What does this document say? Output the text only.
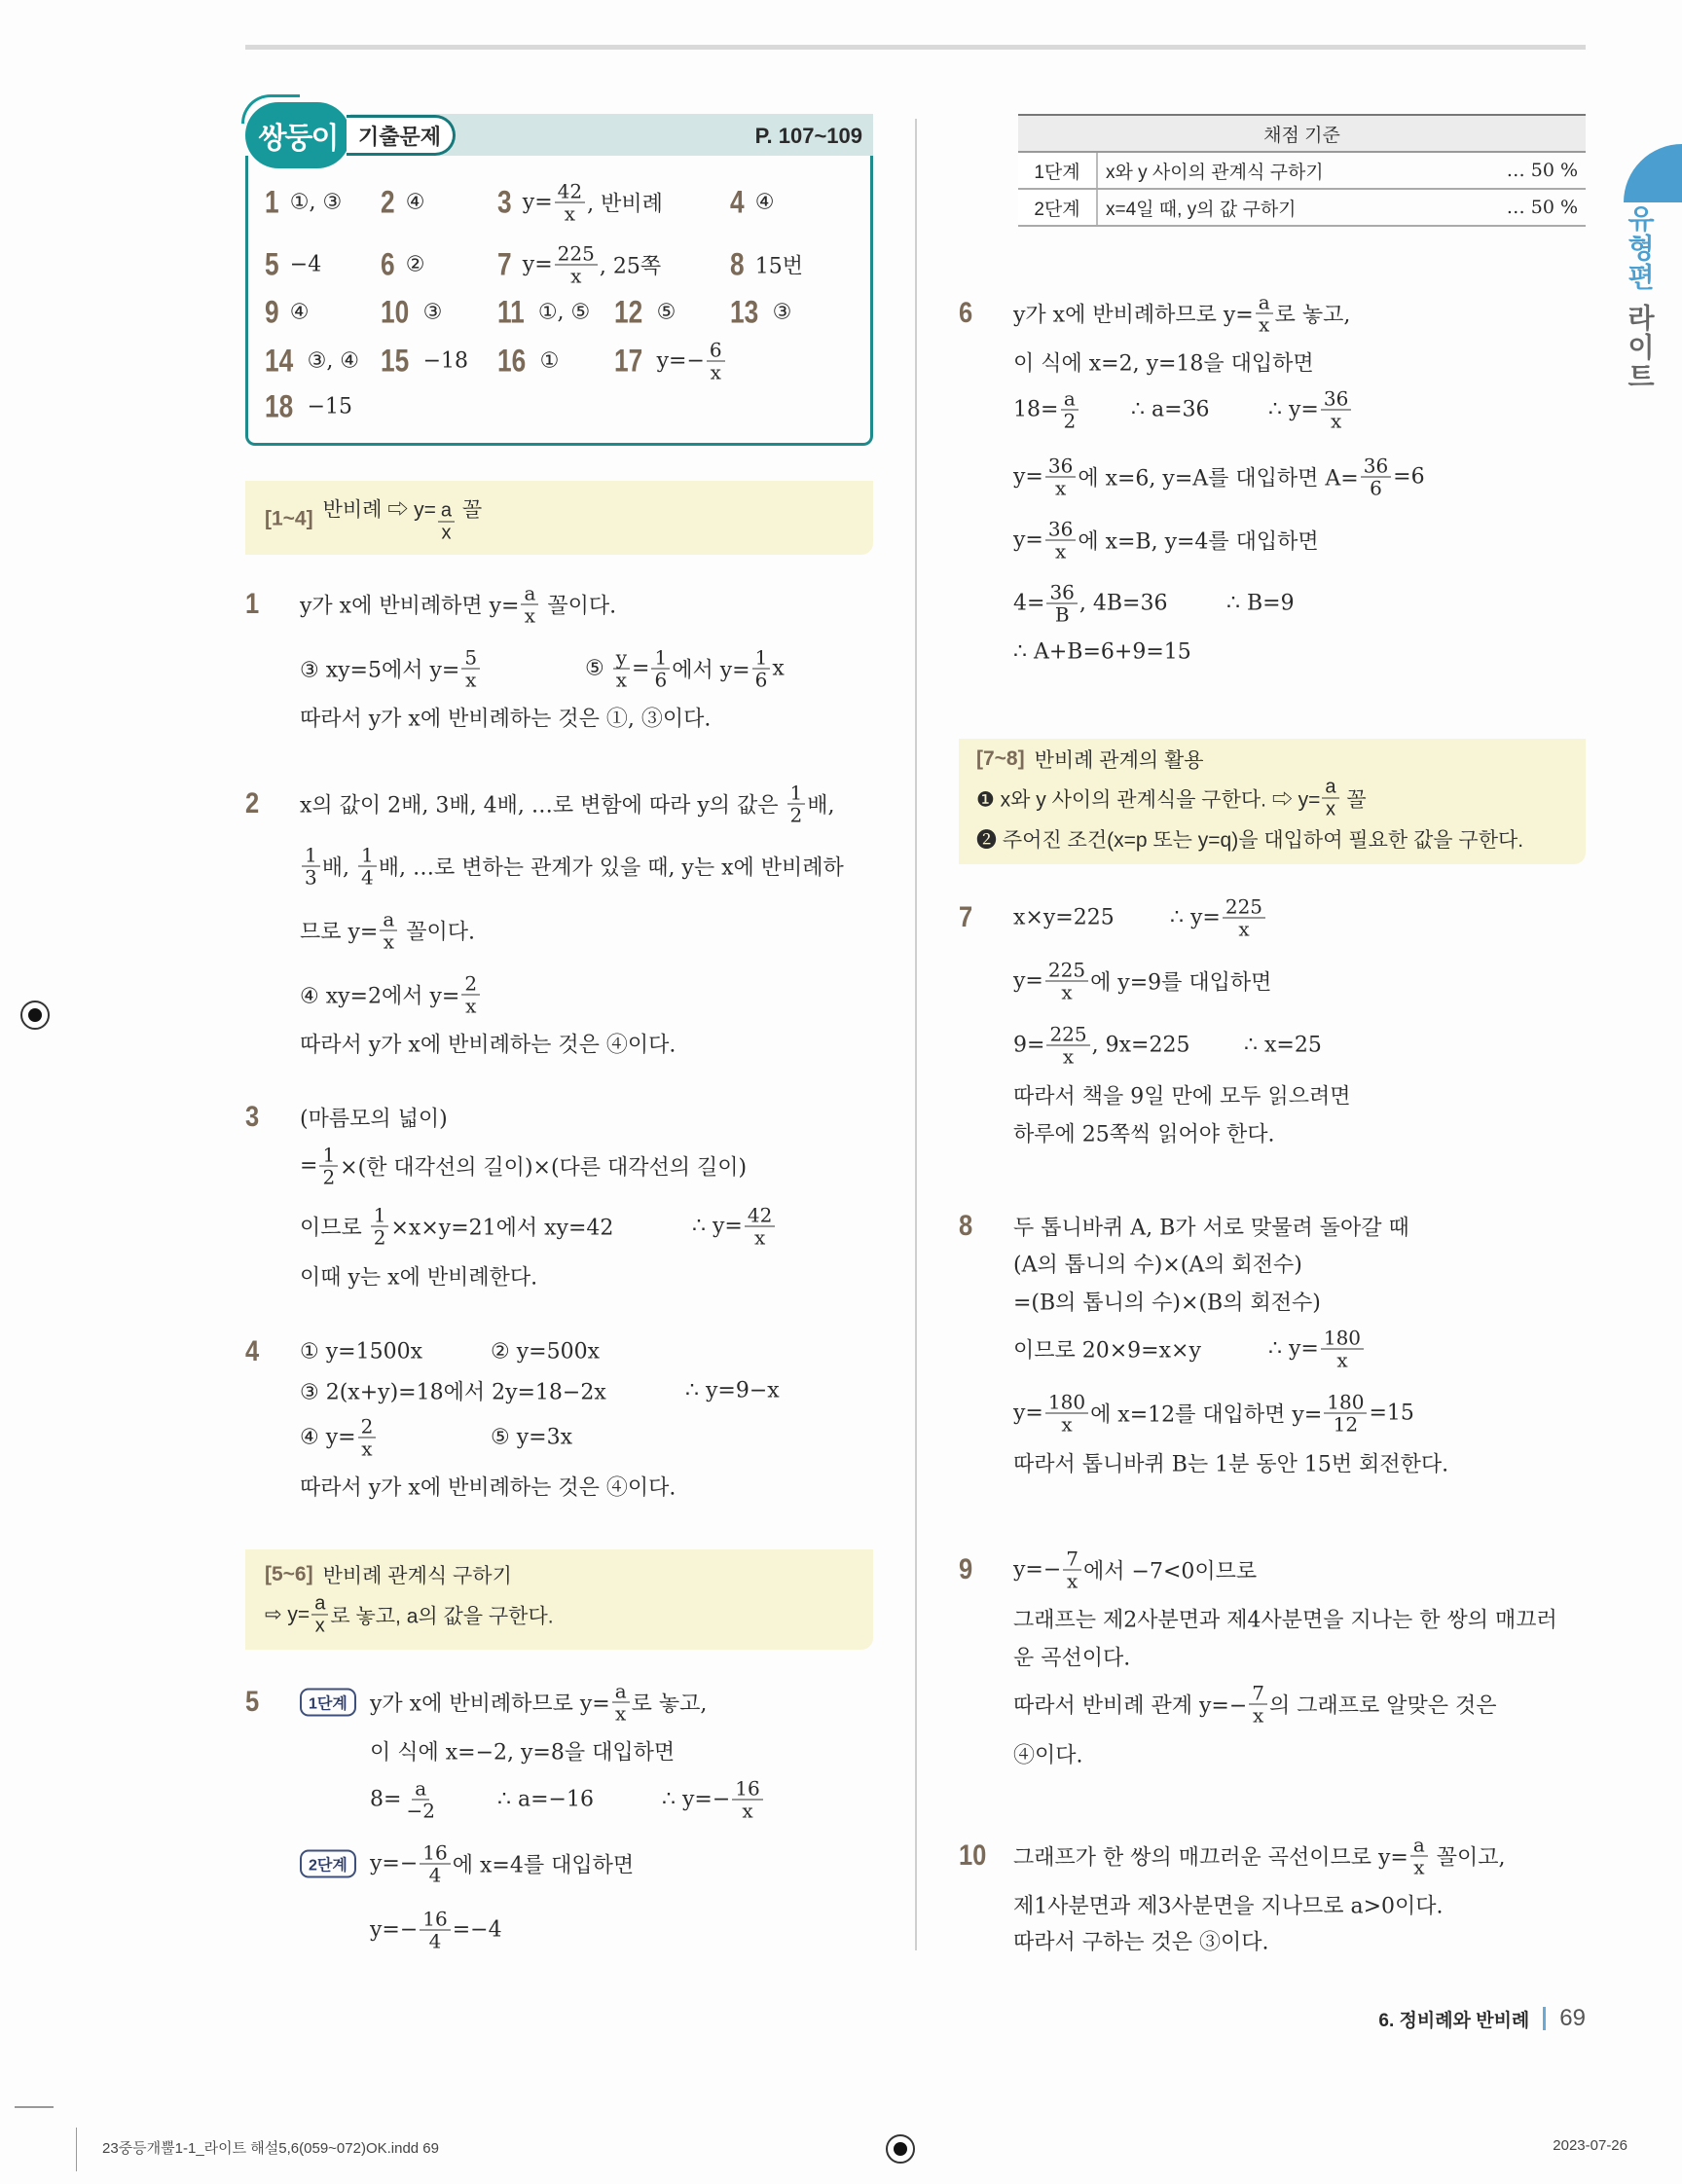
쌍둥이 기출문제	P. 107~109
1 ①, ③ 2 ④ 3 $y= \frac{42}{x}$ , 반비례 4 ④
5 −4 6 ② 7 $y= \frac{225}{x}$ , 25쪽 8 15번
9 ④ 10 ③ 11 ①, ⑤ 12 ⑤ 13 ③
14 ③, ④ 15 −18 16 ① 17 $y=- \frac{6}{x}$
18 −15
[1~4] 반비례 ⇨ $y= \frac{a}{x}$ 꼴
1 y가 x에 반비례하면 $y= \frac{a}{x}$ 꼴이다.
③ xy=5에서 $y= \frac{5}{x}$	⑤ $\frac{y}{x} = \frac{1}{6}$ 에서 $y= \frac{1}{6}$ x
따라서 y가 x에 반비례하는 것은 ①, ③이다.
2 x의 값이 2배, 3배, 4배, …로 변함에 따라 y의 값은 $\frac{1}{2}$ 배,
$\frac{1}{3}$ 배, $\frac{1}{4}$ 배, …로 변하는 관계가 있을 때, y는 x에 반비례하
므로 $y= \frac{a}{x}$ 꼴이다.
④ xy=2에서 $y= \frac{2}{x}$
따라서 y가 x에 반비례하는 것은 ④이다.
3 (마름모의 넓이)
= $\frac{1}{2}$ ×(한 대각선의 길이)×(다른 대각선의 길이)
이므로 $\frac{1}{2} \times x\times y=21$에서 xy=42	∴ $y= \frac{42}{x}$
이때 y는 x에 반비례한다.
4 ① y=1500x	② y=500x
③ 2(x+y)=18에서 2y=18−2x	∴ y=9−x
④ $y= \frac{2}{x}$	⑤ y=3x
따라서 y가 x에 반비례하는 것은 ④이다.
[5~6] 반비례 관계식 구하기
⇨ $y= \frac{a}{x}$ 로 놓고, a의 값을 구한다.
5	1단계	y가 x에 반비례하므로 $y= \frac{a}{x}$ 로 놓고,
이 식에 x=−2, y=8을 대입하면
$8= \frac{a}{-2}$	∴ a=−16	∴ $y=- \frac{16}{x}$
2단계	$y=- \frac{16}{4}$ 에 x=4를 대입하면
$y=- \frac{16}{4} =-4$
채점 기준		
1단계	x와 y 사이의 관계식 구하기	… 50 %
2단계	x=4일 때, y의 값 구하기	… 50 %
6 y가 x에 반비례하므로 $y= \frac{a}{x}$ 로 놓고,
이 식에 x=2, y=18을 대입하면
$18= \frac{a}{2}$ ∴ a=36	∴ $y= \frac{36}{x}$
$y= \frac{36}{x}$ 에 x=6, y=A를 대입하면 $A= \frac{36}{6} =6$
$y= \frac{36}{x}$ 에 x=B, y=4를 대입하면
$4= \frac{36}{B}$ , 4B=36	∴ B=9
∴ A+B=6+9=15
[7~8] 반비례 관계의 활용
❶ x와 y 사이의 관계식을 구한다. ⇨ $y= \frac{a}{x}$ 꼴
❷ 주어진 조건(x=p 또는 y=q)을 대입하여 필요한 값을 구한다.
7 x×y=225	∴ $y= \frac{225}{x}$
$y= \frac{225}{x}$ 에 y=9를 대입하면
$9= \frac{225}{x}$ , 9x=225	∴ x=25
따라서 책을 9일 만에 모두 읽으려면
하루에 25쪽씩 읽어야 한다.
8 두 톱니바퀴 A, B가 서로 맞물려 돌아갈 때
(A의 톱니의 수)×(A의 회전수)
=(B의 톱니의 수)×(B의 회전수)
이므로 20×9=x×y	∴ $y= \frac{180}{x}$
$y= \frac{180}{x}$ 에 x=12를 대입하면 $y= \frac{180}{12} =15$
따라서 톱니바퀴 B는 1분 동안 15번 회전한다.
9 $y=- \frac{7}{x}$ 에서 −7<0이므로
그래프는 제2사분면과 제4사분면을 지나는 한 쌍의 매끄러
운 곡선이다.
따라서 반비례 관계 $y=- \frac{7}{x}$ 의 그래프로 알맞은 것은
④이다.
10 그래프가 한 쌍의 매끄러운 곡선이므로 $y= \frac{a}{x}$ 꼴이고,
제1사분면과 제3사분면을 지나므로 a>0이다.
따라서 구하는 것은 ③이다.
유형편 라이트
6. 정비례와 반비례 69
23중등개뿔1-1_라이트 해설5,6(059~072)OK.indd 69	2023-07-26
